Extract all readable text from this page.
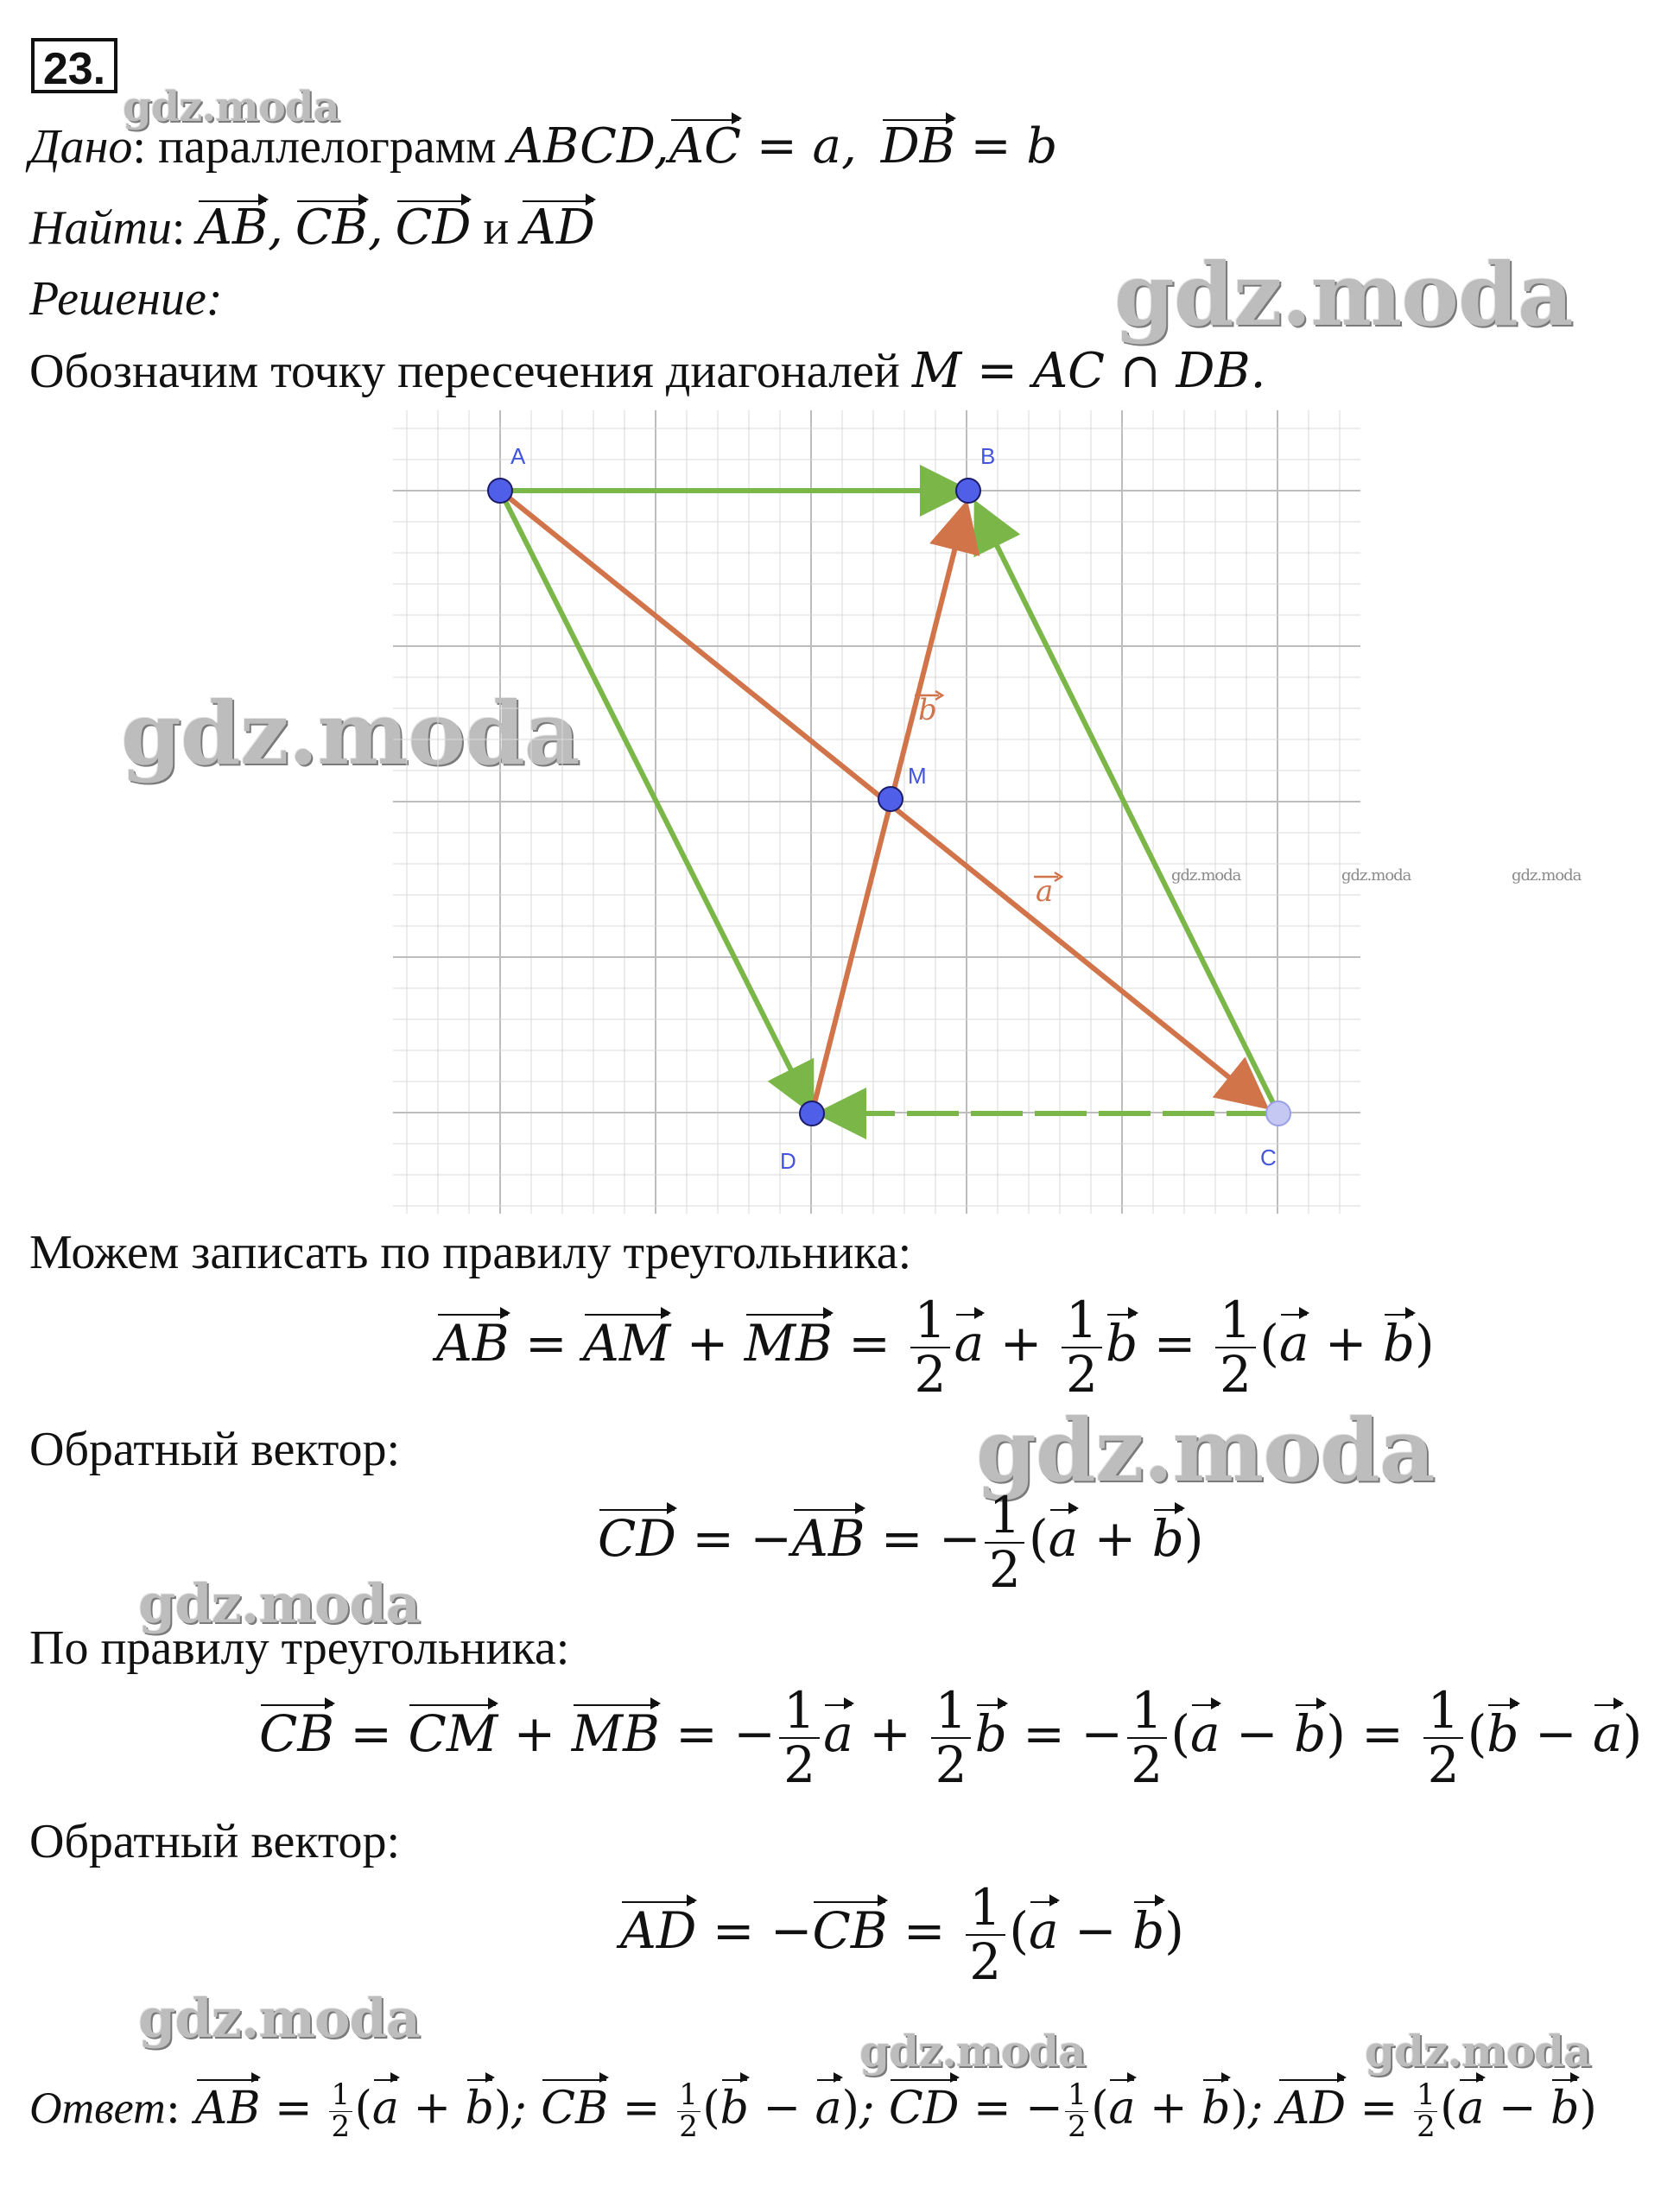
23.
gdz.moda
gdz.moda
gdz.moda
gdz.moda
gdz.moda
gdz.moda
gdz.moda	gdz.moda
Дано: параллелограмм ABCD,AC = a, DB = b
Найти: AB, CB, CD и AD
Решение:
Обозначим точку пересечения диагоналей M = AC ∩ DB.
b
a
A	B
C
D
M
gdz.moda	gdz.moda	gdz.moda
Можем записать по правилу треугольника:
AB = AM + MB = $\frac{1}{2}$ $a + \frac{1}{2}$ $b = \frac{1}{2} (a + b)$
Обратный вектор:
CD = −AB = − $\frac{1}{2} (a + b)$
По правилу треугольника:
CB = CM + MB = − $\frac{1}{2}$ $a + \frac{1}{2}$ b = − $\frac{1}{2} (a - b) = \frac{1}{2} (b - a)$
Обратный вектор:
AD = $-CB = \frac{1}{2} (a - b)$
Ответ: AB = $\frac{1}{2} (a + b)$; CB = $\frac{1}{2} (b - a)$; CD = − $\frac{1}{2} (a + b)$; AD = $\frac{1}{2} (a - b)$
